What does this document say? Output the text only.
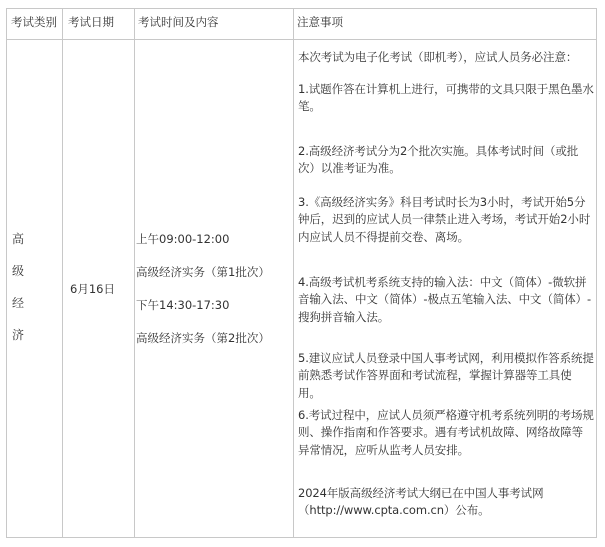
考试类别 考试日期 考试时间及内容	注意事项
高
级
经
济
6月16日
上午09:00-12:00
高级经济实务（第1批次）
下午14:30-17:30
高级经济实务（第2批次）

本次考试为电子化考试（即机考），应试人员务必注意：

1.试题作答在计算机上进行，可携带的文具只限于黑色墨水笔。

2.高级经济考试分为2个批次实施。具体考试时间（或批次）以准考证为准。

3.《高级经济实务》科目考试时长为3小时，考试开始5分钟后，迟到的应试人员一律禁止进入考场，考试开始2小时内应试人员不得提前交卷、离场。

4.高级考试机考系统支持的输入法：中文（简体）-微软拼音输入法、中文（简体）-极点五笔输入法、中文（简体）-搜狗拼音输入法。

5.建议应试人员登录中国人事考试网，利用模拟作答系统提前熟悉考试作答界面和考试流程，掌握计算器等工具使用。

6.考试过程中，应试人员须严格遵守机考系统列明的考场规则、操作指南和作答要求。遇有考试机故障、网络故障等异常情况，应听从监考人员安排。

2024年版高级经济考试大纲已在中国人事考试网（http://www.cpta.com.cn）公布。
